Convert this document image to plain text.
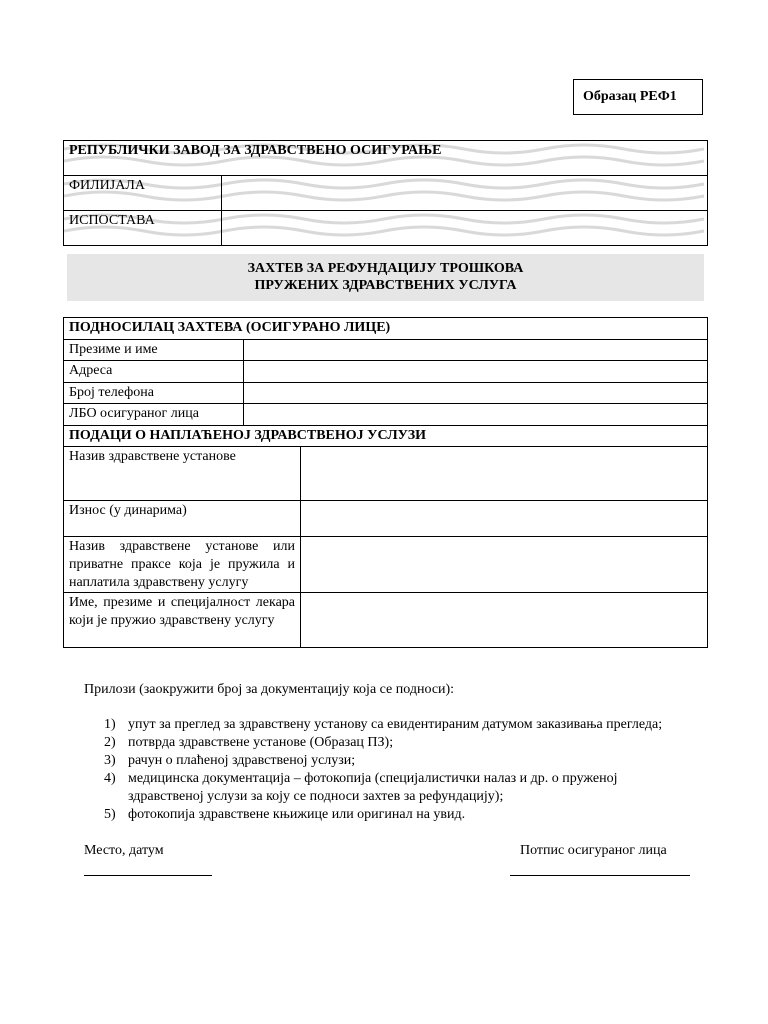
Образац РЕФ1
РЕПУБЛИЧКИ ЗАВОД ЗА ЗДРАВСТВЕНО ОСИГУРАЊЕ	
ФИЛИЈАЛА	
ИСПОСТАВА	
ЗАХТЕВ ЗА РЕФУНДАЦИЈУ ТРОШКОВА
ПРУЖЕНИХ ЗДРАВСТВЕНИХ УСЛУГА
ПОДНОСИЛАЦ ЗАХТЕВА (ОСИГУРАНО ЛИЦЕ)	
Презиме и име	
Адреса	
Број телефона	
ЛБО осигураног лица	
ПОДАЦИ О НАПЛАЋЕНОЈ ЗДРАВСТВЕНОЈ УСЛУЗИ	
Назив здравствене установе	
Износ (у динарима)	
Назив здравствене установе или приватне праксе која је пружила и наплатила здравствену услугу	
Име, презиме и специјалност лекара који је пружио здравствену услугу	
Прилози (заокружити број за документацију која се подноси):
1) упут за преглед за здравствену установу са евидентираним датумом заказивања прегледа;
2) потврда здравствене установе (Образац ПЗ);
3) рачун о плаћеној здравственој услузи;
4) медицинска документација – фотокопија (специјалистички налаз и др. о пруженој здравственој услузи за коју се подноси захтев за рефундацију);
5) фотокопија здравствене књижице или оригинал на увид.
Место, датум	Потпис осигураног лица
